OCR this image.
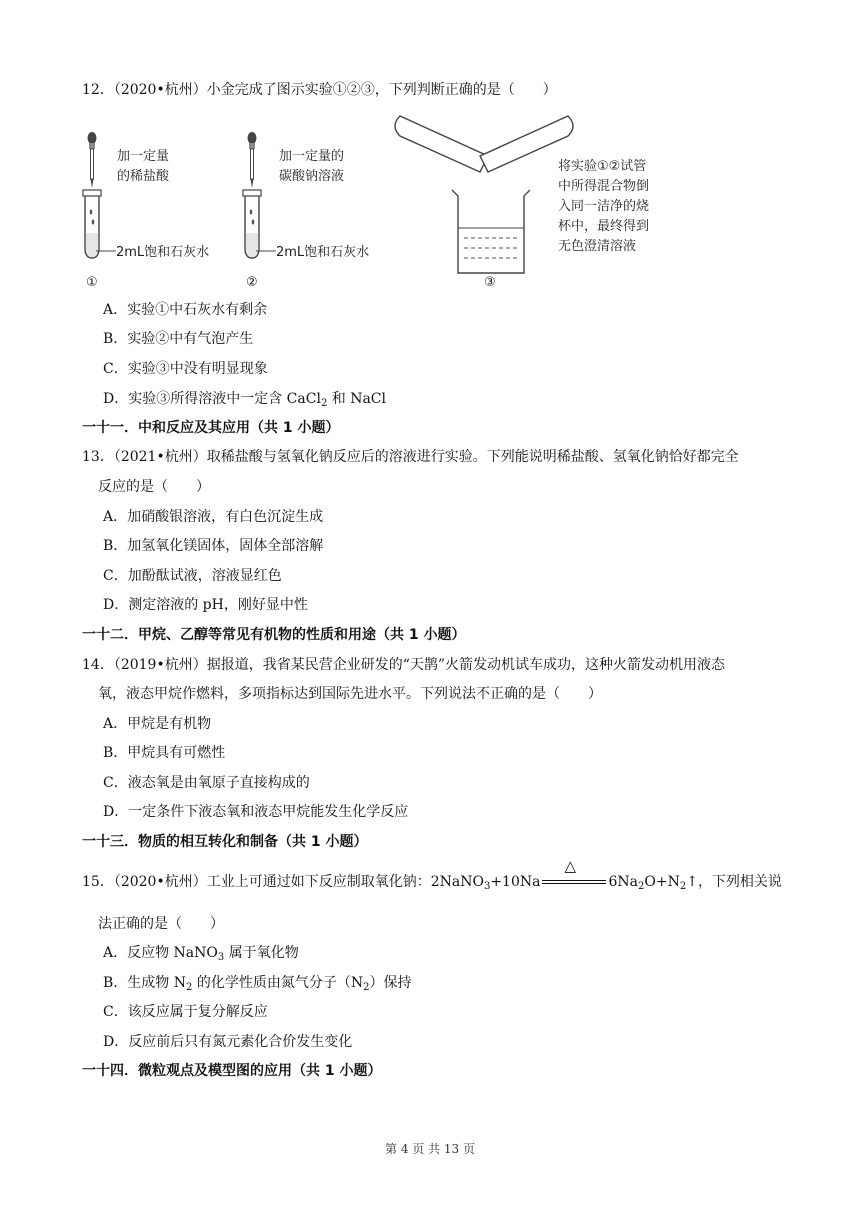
12．（2020•杭州）小金完成了图示实验①②③，下列判断正确的是（　　）
加一定量
的稀盐酸
2mL饱和石灰水
①
加一定量的
碳酸钠溶液
2mL饱和石灰水
②
将实验①②试管
中所得混合物倒
入同一洁净的烧
杯中，最终得到
无色澄清溶液
③
A．实验①中石灰水有剩余
B．实验②中有气泡产生
C．实验③中没有明显现象
D．实验③所得溶液中一定含 CaCl$_2$ 和 NaCl
一十一．中和反应及其应用（共 1 小题）
13．（2021•杭州）取稀盐酸与氢氧化钠反应后的溶液进行实验。下列能说明稀盐酸、氢氧化钠恰好都完全
反应的是（　　）
A．加硝酸银溶液，有白色沉淀生成
B．加氢氧化镁固体，固体全部溶解
C．加酚酞试液，溶液显红色
D．测定溶液的 pH，刚好显中性
一十二．甲烷、乙醇等常见有机物的性质和用途（共 1 小题）
14．（2019•杭州）据报道，我省某民营企业研发的“天鹊”火箭发动机试车成功，这种火箭发动机用液态
氧，液态甲烷作燃料，多项指标达到国际先进水平。下列说法不正确的是（　　）
A．甲烷是有机物
B．甲烷具有可燃性
C．液态氧是由氧原子直接构成的
D．一定条件下液态氧和液态甲烷能发生化学反应
一十三．物质的相互转化和制备（共 1 小题）
15．（2020•杭州）工业上可通过如下反应制取氧化钠：2NaNO$_3$+10Na
△
$6Na_2O+N_2↑$，下列相关说
法正确的是（　　）
A．反应物 NaNO$_3$ 属于氧化物
B．生成物 $N_2$ 的化学性质由氮气分子$(N_2)$保持
C．该反应属于复分解反应
D．反应前后只有氮元素化合价发生变化
一十四．微粒观点及模型图的应用（共 1 小题）
第 4 页 共 13 页
